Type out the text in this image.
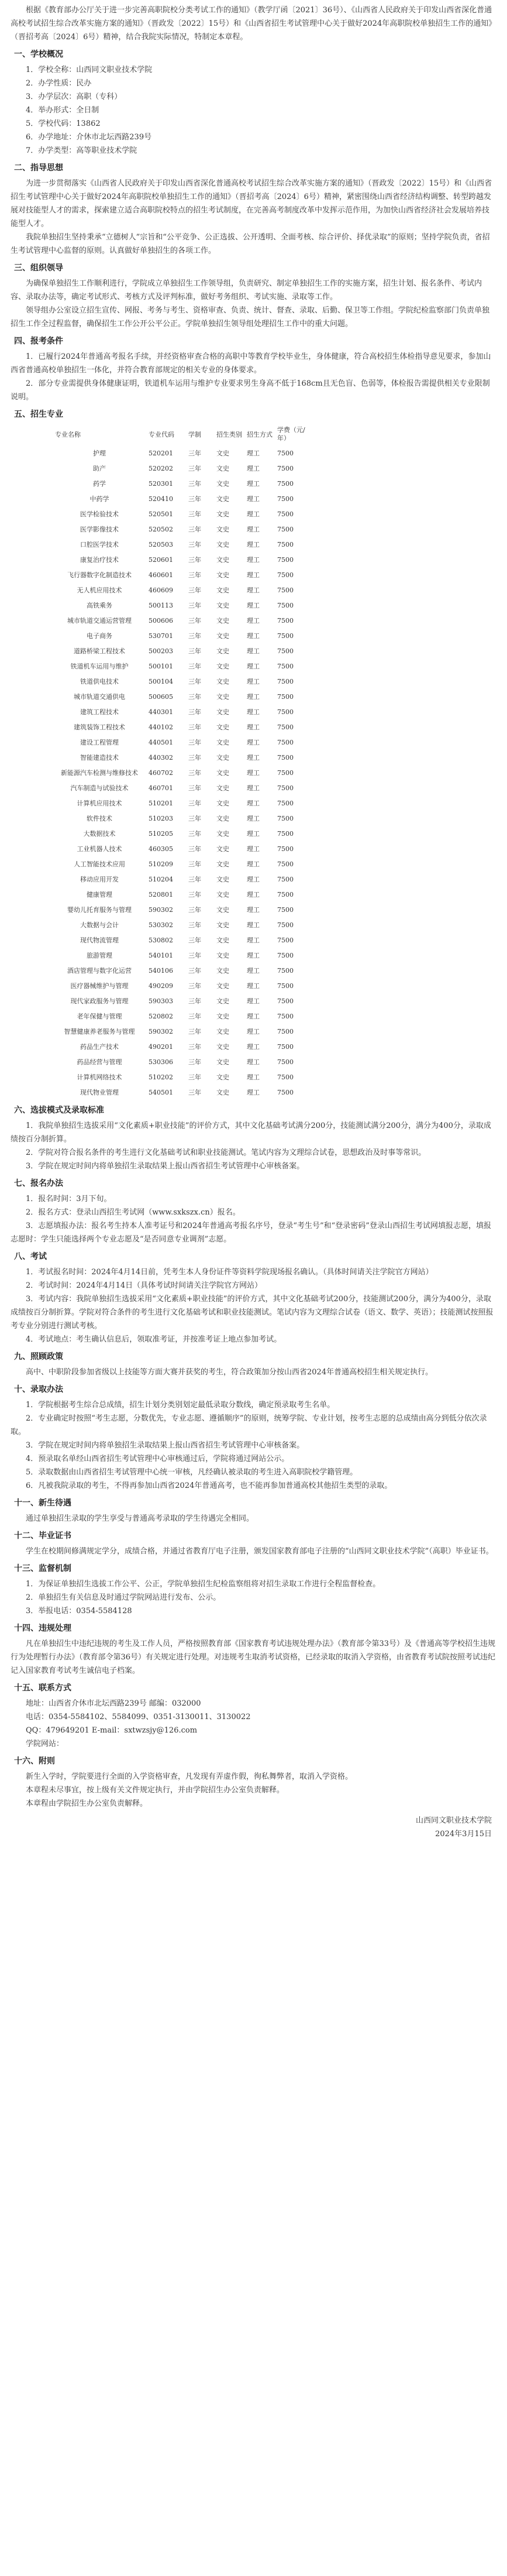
根据《教育部办公厅关于进一步完善高职院校分类考试工作的通知》（教学厅函〔2021〕36号）、《山西省人民政府关于印发山西省深化普通高校考试招生综合改革实施方案的通知》（晋政发〔2022〕15号）和《山西省招生考试管理中心关于做好2024年高职院校单独招生工作的通知》（晋招考高〔2024〕6号）精神，结合我院实际情况，特制定本章程。

一、学校概况

1．学校全称：山西同文职业技术学院

2．办学性质：民办

3．办学层次：高职（专科）

4．举办形式：全日制

5．学校代码：13862

6．办学地址：介休市北坛西路239号

7．办学类型：高等职业技术学院

二、指导思想

为进一步贯彻落实《山西省人民政府关于印发山西省深化普通高校考试招生综合改革实施方案的通知》（晋政发〔2022〕15号）和《山西省招生考试管理中心关于做好2024年高职院校单独招生工作的通知》（晋招考高〔2024〕6号）精神，紧密围绕山西省经济结构调整、转型跨越发展对技能型人才的需求，探索建立适合高职院校特点的招生考试制度，在完善高考制度改革中发挥示范作用，为加快山西省经济社会发展培养技能型人才。

我院单独招生坚持秉承“立德树人”宗旨和“公平竞争、公正选拔、公开透明、全面考核、综合评价、择优录取”的原则；坚持学院负责，省招生考试管理中心监督的原则。认真做好单独招生的各项工作。

三、组织领导

为确保单独招生工作顺利进行，学院成立单独招生工作领导组，负责研究、制定单独招生工作的实施方案，招生计划、报名条件、考试内容、录取办法等，确定考试形式、考核方式及评判标准，做好考务组织、考试实施、录取等工作。

领导组办公室设立招生宣传、网报、考务与考生、资格审查、负责、统计、督查、录取、后勤、保卫等工作组。学院纪检监察部门负责单独招生工作全过程监督，确保招生工作公开公平公正。学院单独招生领导组处理招生工作中的重大问题。

四、报考条件

1．已履行2024年普通高考报名手续，并经资格审查合格的高职中等教育学校毕业生，身体健康，符合高校招生体检指导意见要求，参加山西省普通高校单独招生一体化，并符合教育部规定的相关专业的身体要求。

2．部分专业需提供身体健康证明，铁道机车运用与维护专业要求男生身高不低于168cm且无色盲、色弱等，体检报告需提供相关专业限制说明。

五、招生专业
专业名称	专业代码	学制	招生类别	招生方式	学费（元/年）
护理	520201	三年	文史	理工	7500
助产	520202	三年	文史	理工	7500
药学	520301	三年	文史	理工	7500
中药学	520410	三年	文史	理工	7500
医学检验技术	520501	三年	文史	理工	7500
医学影像技术	520502	三年	文史	理工	7500
口腔医学技术	520503	三年	文史	理工	7500
康复治疗技术	520601	三年	文史	理工	7500
飞行器数字化制造技术	460601	三年	文史	理工	7500
无人机应用技术	460609	三年	文史	理工	7500
高铁乘务	500113	三年	文史	理工	7500
城市轨道交通运营管理	500606	三年	文史	理工	7500
电子商务	530701	三年	文史	理工	7500
道路桥梁工程技术	500203	三年	文史	理工	7500
铁道机车运用与维护	500101	三年	文史	理工	7500
铁道供电技术	500104	三年	文史	理工	7500
城市轨道交通供电	500605	三年	文史	理工	7500
建筑工程技术	440301	三年	文史	理工	7500
建筑装饰工程技术	440102	三年	文史	理工	7500
建设工程管理	440501	三年	文史	理工	7500
智能建造技术	440302	三年	文史	理工	7500
新能源汽车检测与维修技术	460702	三年	文史	理工	7500
汽车制造与试验技术	460701	三年	文史	理工	7500
计算机应用技术	510201	三年	文史	理工	7500
软件技术	510203	三年	文史	理工	7500
大数据技术	510205	三年	文史	理工	7500
工业机器人技术	460305	三年	文史	理工	7500
人工智能技术应用	510209	三年	文史	理工	7500
移动应用开发	510204	三年	文史	理工	7500
健康管理	520801	三年	文史	理工	7500
婴幼儿托育服务与管理	590302	三年	文史	理工	7500
大数据与会计	530302	三年	文史	理工	7500
现代物流管理	530802	三年	文史	理工	7500
旅游管理	540101	三年	文史	理工	7500
酒店管理与数字化运营	540106	三年	文史	理工	7500
医疗器械维护与管理	490209	三年	文史	理工	7500
现代家政服务与管理	590303	三年	文史	理工	7500
老年保健与管理	520802	三年	文史	理工	7500
智慧健康养老服务与管理	590302	三年	文史	理工	7500
药品生产技术	490201	三年	文史	理工	7500
药品经营与管理	530306	三年	文史	理工	7500
计算机网络技术	510202	三年	文史	理工	7500
现代物业管理	540501	三年	文史	理工	7500
六、选拔模式及录取标准

1．我院单独招生选拔采用“文化素质+职业技能”的评价方式，其中文化基础考试满分200分，技能测试满分200分，满分为400分，录取成绩按百分制折算。

2．学院对符合报名条件的考生进行文化基础考试和职业技能测试。笔试内容为文理综合试卷，思想政治及时事等常识。

3．学院在规定时间内将单独招生录取结果上报山西省招生考试管理中心审核备案。

七、报名办法

1．报名时间：3月下旬。

2．报名方式：登录山西招生考试网（www.sxkszx.cn）报名。

3．志愿填报办法：报名考生持本人准考证号和2024年普通高考报名序号，登录“考生号”和“登录密码”登录山西招生考试网填报志愿，填报志愿时：学生只能选择两个专业志愿及“是否同意专业调剂”志愿。

八、考试

1．考试报名时间：2024年4月14日前，凭考生本人身份证件等资料学院现场报名确认。（具体时间请关注学院官方网站）

2．考试时间：2024年4月14日（具体考试时间请关注学院官方网站）

3．考试内容：我院单独招生选拔采用“文化素质+职业技能”的评价方式，其中文化基础考试200分，技能测试200分，满分为400分，录取成绩按百分制折算。学院对符合条件的考生进行文化基础考试和职业技能测试。笔试内容为文理综合试卷（语文、数学、英语）；技能测试按照报考专业分别进行测试考核。

4．考试地点：考生确认信息后，领取准考证，并按准考证上地点参加考试。

九、照顾政策

高中、中职阶段参加省级以上技能等方面大赛并获奖的考生，符合政策加分按山西省2024年普通高校招生相关规定执行。

十、录取办法

1．学院根据考生综合总成绩，招生计划分类别划定最低录取分数线，确定预录取考生名单。

2．专业确定时按照“考生志愿，分数优先，专业志愿、遵循顺序”的原则，统筹学院、专业计划，按考生志愿的总成绩由高分到低分依次录取。

3．学院在规定时间内将单独招生录取结果上报山西省招生考试管理中心审核备案。

4．预录取名单经山西省招生考试管理中心审核通过后，学院将通过网站公示。

5．录取数据由山西省招生考试管理中心统一审核，凡经确认被录取的考生进入高职院校学籍管理。

6．凡被我院录取的考生，不得再参加山西省2024年普通高考，也不能再参加普通高校其他招生类型的录取。

十一、新生待遇

通过单独招生录取的学生享受与普通高考录取的学生待遇完全相同。

十二、毕业证书

学生在校期间修满规定学分，成绩合格，并通过省教育厅电子注册，颁发国家教育部电子注册的“山西同文职业技术学院”（高职）毕业证书。

十三、监督机制

1．为保证单独招生选拔工作公平、公正，学院单独招生纪检监察组将对招生录取工作进行全程监督检查。

2．单独招生有关信息及时通过学院网站进行发布、公示。

3．举报电话：0354-5584128

十四、违规处理

凡在单独招生中违纪违规的考生及工作人员，严格按照教育部《国家教育考试违规处理办法》（教育部令第33号）及《普通高等学校招生违规行为处理暂行办法》（教育部令第36号）有关规定进行处理。对违规考生取消考试资格，已经录取的取消入学资格，由省教育考试院按照考试违纪记入国家教育考试考生诚信电子档案。

十五、联系方式

地址：山西省介休市北坛西路239号 邮编：032000

电话：0354-5584102、5584099、0351-3130011、3130022

QQ：479649201 E-mail：sxtwzsjy@126.com

学院网站：

十六、附则

新生入学时，学院要进行全面的入学资格审查，凡发现有弄虚作假，徇私舞弊者，取消入学资格。

本章程未尽事宜，按上级有关文件规定执行，并由学院招生办公室负责解释。

本章程由学院招生办公室负责解释。

山西同文职业技术学院
2024年3月15日
